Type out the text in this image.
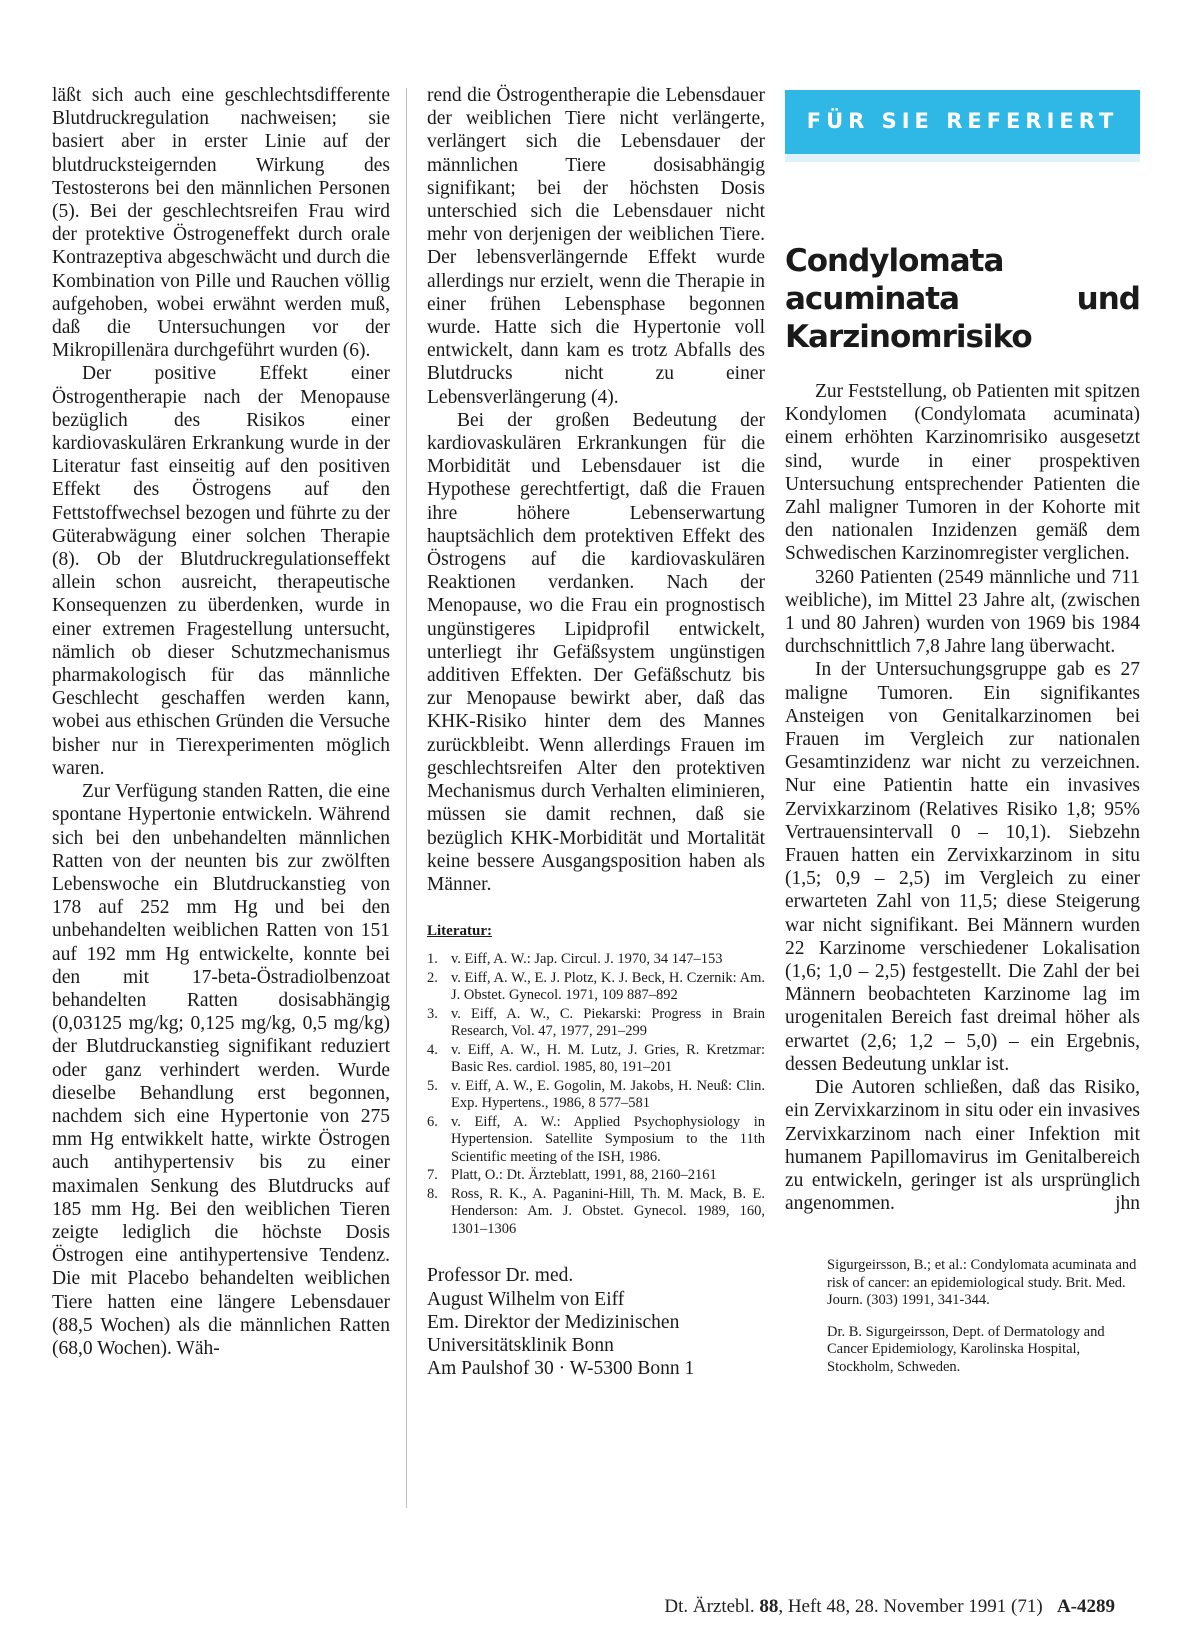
läßt sich auch eine geschlechtsdifferente Blutdruckregulation nachweisen; sie basiert aber in erster Linie auf der blutdrucksteigernden Wirkung des Testosterons bei den männlichen Personen (5). Bei der geschlechtsreifen Frau wird der protektive Östrogeneffekt durch orale Kontrazeptiva abgeschwächt und durch die Kombination von Pille und Rauchen völlig aufgehoben, wobei erwähnt werden muß, daß die Untersuchungen vor der Mikropillenära durchgeführt wurden (6).

Der positive Effekt einer Östrogentherapie nach der Menopause bezüglich des Risikos einer kardiovaskulären Erkrankung wurde in der Literatur fast einseitig auf den positiven Effekt des Östrogens auf den Fettstoffwechsel bezogen und führte zu der Güterabwägung einer solchen Therapie (8). Ob der Blutdruckregulationseffekt allein schon ausreicht, therapeutische Konsequenzen zu überdenken, wurde in einer extremen Fragestellung untersucht, nämlich ob dieser Schutzmechanismus pharmakologisch für das männliche Geschlecht geschaffen werden kann, wobei aus ethischen Gründen die Versuche bisher nur in Tierexperimenten möglich waren.

Zur Verfügung standen Ratten, die eine spontane Hypertonie entwickeln. Während sich bei den unbehandelten männlichen Ratten von der neunten bis zur zwölften Lebenswoche ein Blutdruckanstieg von 178 auf 252 mm Hg und bei den unbehandelten weiblichen Ratten von 151 auf 192 mm Hg entwickelte, konnte bei den mit 17-beta-Östradiolbenzoat behandelten Ratten dosisabhängig (0,03125 mg/kg; 0,125 mg/kg, 0,5 mg/kg) der Blutdruckanstieg signifikant reduziert oder ganz verhindert werden. Wurde dieselbe Behandlung erst begonnen, nachdem sich eine Hypertonie von 275 mm Hg entwikkelt hatte, wirkte Östrogen auch antihypertensiv bis zu einer maximalen Senkung des Blutdrucks auf 185 mm Hg. Bei den weiblichen Tieren zeigte lediglich die höchste Dosis Östrogen eine antihypertensive Tendenz. Die mit Placebo behandelten weiblichen Tiere hatten eine längere Lebensdauer (88,5 Wochen) als die männlichen Ratten (68,0 Wochen). Wäh-

rend die Östrogentherapie die Lebensdauer der weiblichen Tiere nicht verlängerte, verlängert sich die Lebensdauer der männlichen Tiere dosisabhängig signifikant; bei der höchsten Dosis unterschied sich die Lebensdauer nicht mehr von derjenigen der weiblichen Tiere. Der lebensverlängernde Effekt wurde allerdings nur erzielt, wenn die Therapie in einer frühen Lebensphase begonnen wurde. Hatte sich die Hypertonie voll entwickelt, dann kam es trotz Abfalls des Blutdrucks nicht zu einer Lebensverlängerung (4).

Bei der großen Bedeutung der kardiovaskulären Erkrankungen für die Morbidität und Lebensdauer ist die Hypothese gerechtfertigt, daß die Frauen ihre höhere Lebenserwartung hauptsächlich dem protektiven Effekt des Östrogens auf die kardiovaskulären Reaktionen verdanken. Nach der Menopause, wo die Frau ein prognostisch ungünstigeres Lipidprofil entwickelt, unterliegt ihr Gefäßsystem ungünstigen additiven Effekten. Der Gefäßschutz bis zur Menopause bewirkt aber, daß das KHK-Risiko hinter dem des Mannes zurückbleibt. Wenn allerdings Frauen im geschlechtsreifen Alter den protektiven Mechanismus durch Verhalten eliminieren, müssen sie damit rechnen, daß sie bezüglich KHK-Morbidität und Mortalität keine bessere Ausgangsposition haben als Männer.

Literatur:
1. v. Eiff, A. W.: Jap. Circul. J. 1970, 34 147–153
2. v. Eiff, A. W., E. J. Plotz, K. J. Beck, H. Czernik: Am. J. Obstet. Gynecol. 1971, 109 887–892
3. v. Eiff, A. W., C. Piekarski: Progress in Brain Research, Vol. 47, 1977, 291–299
4. v. Eiff, A. W., H. M. Lutz, J. Gries, R. Kretzmar: Basic Res. cardiol. 1985, 80, 191–201
5. v. Eiff, A. W., E. Gogolin, M. Jakobs, H. Neuß: Clin. Exp. Hypertens., 1986, 8 577–581
6. v. Eiff, A. W.: Applied Psychophysiology in Hypertension. Satellite Symposium to the 11th Scientific meeting of the ISH, 1986.
7. Platt, O.: Dt. Ärzteblatt, 1991, 88, 2160–2161
8. Ross, R. K., A. Paganini-Hill, Th. M. Mack, B. E. Henderson: Am. J. Obstet. Gynecol. 1989, 160, 1301–1306
Professor Dr. med.
August Wilhelm von Eiff
Em. Direktor der Medizinischen
Universitätsklinik Bonn
Am Paulshof 30 · W-5300 Bonn 1
FÜR SIE REFERIERT
Condylomata acuminata und Karzinomrisiko

Zur Feststellung, ob Patienten mit spitzen Kondylomen (Condylomata acuminata) einem erhöhten Karzinomrisiko ausgesetzt sind, wurde in einer prospektiven Untersuchung entsprechender Patienten die Zahl maligner Tumoren in der Kohorte mit den nationalen Inzidenzen gemäß dem Schwedischen Karzinomregister verglichen.

3260 Patienten (2549 männliche und 711 weibliche), im Mittel 23 Jahre alt, (zwischen 1 und 80 Jahren) wurden von 1969 bis 1984 durchschnittlich 7,8 Jahre lang überwacht.

In der Untersuchungsgruppe gab es 27 maligne Tumoren. Ein signifikantes Ansteigen von Genitalkarzinomen bei Frauen im Vergleich zur nationalen Gesamtinzidenz war nicht zu verzeichnen. Nur eine Patientin hatte ein invasives Zervixkarzinom (Relatives Risiko 1,8; 95% Vertrauensintervall 0 – 10,1). Siebzehn Frauen hatten ein Zervixkarzinom in situ (1,5; 0,9 – 2,5) im Vergleich zu einer erwarteten Zahl von 11,5; diese Steigerung war nicht signifikant. Bei Männern wurden 22 Karzinome verschiedener Lokalisation (1,6; 1,0 – 2,5) festgestellt. Die Zahl der bei Männern beobachteten Karzinome lag im urogenitalen Bereich fast dreimal höher als erwartet (2,6; 1,2 – 5,0) – ein Ergebnis, dessen Bedeutung unklar ist.

Die Autoren schließen, daß das Risiko, ein Zervixkarzinom in situ oder ein invasives Zervixkarzinom nach einer Infektion mit humanem Papillomavirus im Genitalbereich zu entwickeln, geringer ist als ursprünglich angenommen.	jhn

Sigurgeirsson, B.; et al.: Condylomata acuminata and risk of cancer: an epidemiological study. Brit. Med. Journ. (303) 1991, 341-344.

Dr. B. Sigurgeirsson, Dept. of Dermatology and Cancer Epidemiology, Karolinska Hospital, Stockholm, Schweden.

Dt. Ärztebl. 88, Heft 48, 28. November 1991 (71) A-4289
